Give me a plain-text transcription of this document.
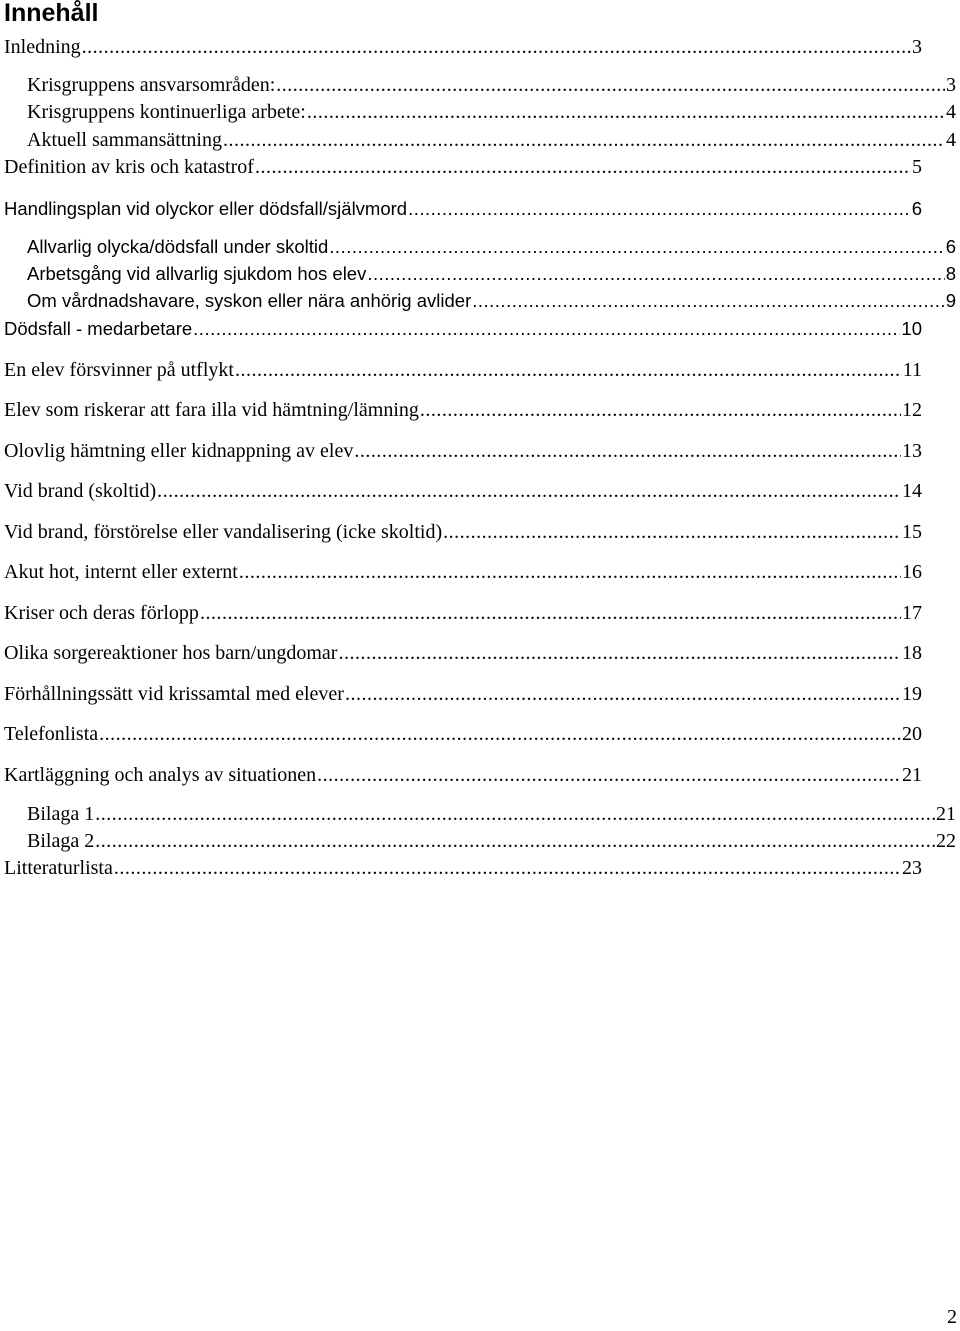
Innehåll
Inledning .....	3
Krisgruppens ansvarsområden: .....	3
Krisgruppens kontinuerliga arbete: .....	4
Aktuell sammansättning .....	4
Definition av kris och katastrof .....	5
Handlingsplan vid olyckor eller dödsfall/självmord .....	6
Allvarlig olycka/dödsfall under skoltid .....	6
Arbetsgång vid allvarlig sjukdom hos elev .....	8
Om vårdnadshavare, syskon eller nära anhörig avlider .....	9
Dödsfall - medarbetare .....	10
En elev försvinner på utflykt .....	11
Elev som riskerar att fara illa vid hämtning/lämning .....	12
Olovlig hämtning eller kidnappning av elev .....	13
Vid brand (skoltid) .....	14
Vid brand, förstörelse eller vandalisering (icke skoltid) .....	15
Akut hot, internt eller externt .....	16
Kriser och deras förlopp .....	17
Olika sorgereaktioner hos barn/ungdomar .....	18
Förhållningssätt vid krissamtal med elever .....	19
Telefonlista .....	20
Kartläggning och analys av situationen .....	21
Bilaga 1 .....	21
Bilaga 2 .....	22
Litteraturlista .....	23
2
